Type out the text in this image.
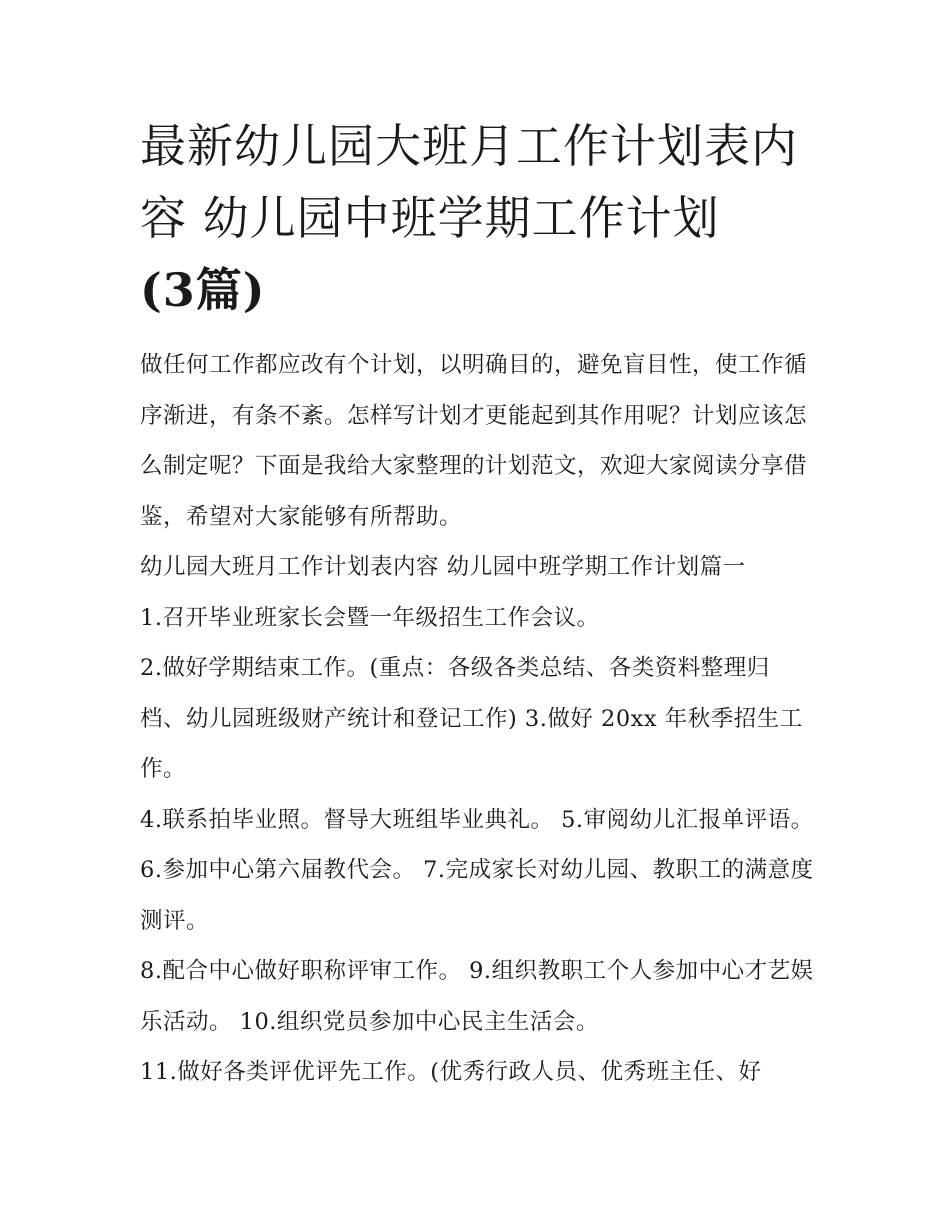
最新幼儿园大班月工作计划表内容 幼儿园中班学期工作计划
(3篇)

做任何工作都应改有个计划，以明确目的，避免盲目性，使工作循序渐进，有条不紊。怎样写计划才更能起到其作用呢？计划应该怎么制定呢？下面是我给大家整理的计划范文，欢迎大家阅读分享借鉴，希望对大家能够有所帮助。

幼儿园大班月工作计划表内容 幼儿园中班学期工作计划篇一

1.召开毕业班家长会暨一年级招生工作会议。

2.做好学期结束工作。(重点：各级各类总结、各类资料整理归档、幼儿园班级财产统计和登记工作) 3.做好 20xx 年秋季招生工作。

4.联系拍毕业照。督导大班组毕业典礼。 5.审阅幼儿汇报单评语。 6.参加中心第六届教代会。 7.完成家长对幼儿园、教职工的满意度测评。

8.配合中心做好职称评审工作。 9.组织教职工个人参加中心才艺娱乐活动。 10.组织党员参加中心民主生活会。

11.做好各类评优评先工作。(优秀行政人员、优秀班主任、好
